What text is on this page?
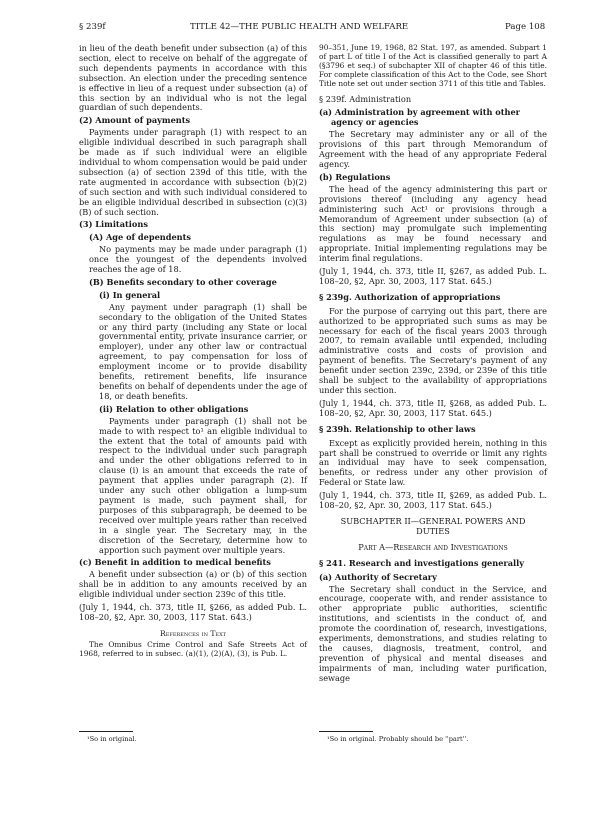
§ 239f	TITLE 42—THE PUBLIC HEALTH AND WELFARE	Page 108

in lieu of the death benefit under subsection (a) of this section, elect to receive on behalf of the aggregate of such dependents payments in accordance with this subsection. An election under the preceding sentence is effective in lieu of a request under subsection (a) of this section by an individual who is not the legal guardian of such dependents.

(2) Amount of payments

Payments under paragraph (1) with respect to an eligible individual described in such paragraph shall be made as if such individual were an eligible individual to whom compensation would be paid under subsection (a) of section 239d of this title, with the rate augmented in accordance with subsection (b)(2) of such section and with such individual considered to be an eligible individual described in subsection (c)(3)(B) of such section.

(3) Limitations

(A) Age of dependents

No payments may be made under paragraph (1) once the youngest of the dependents involved reaches the age of 18.

(B) Benefits secondary to other coverage

(i) In general

Any payment under paragraph (1) shall be secondary to the obligation of the United States or any third party (including any State or local governmental entity, private insurance carrier, or employer), under any other law or contractual agreement, to pay compensation for loss of employment income or to provide disability benefits, retirement benefits, life insurance benefits on behalf of dependents under the age of 18, or death benefits.

(ii) Relation to other obligations

Payments under paragraph (1) shall not be made to with respect to¹ an eligible individual to the extent that the total of amounts paid with respect to the individual under such paragraph and under the other obligations referred to in clause (i) is an amount that exceeds the rate of payment that applies under paragraph (2). If under any such other obligation a lump-sum payment is made, such payment shall, for purposes of this subparagraph, be deemed to be received over multiple years rather than received in a single year. The Secretary may, in the discretion of the Secretary, determine how to apportion such payment over multiple years.

(c) Benefit in addition to medical benefits

A benefit under subsection (a) or (b) of this section shall be in addition to any amounts received by an eligible individual under section 239c of this title.

(July 1, 1944, ch. 373, title II, §266, as added Pub. L. 108–20, §2, Apr. 30, 2003, 117 Stat. 643.)

References in Text

The Omnibus Crime Control and Safe Streets Act of 1968, referred to in subsec. (a)(1), (2)(A), (3), is Pub. L.

90–351, June 19, 1968, 82 Stat. 197, as amended. Subpart 1 of part L of title I of the Act is classified generally to part A (§3796 et seq.) of subchapter XII of chapter 46 of this title. For complete classification of this Act to the Code, see Short Title note set out under section 3711 of this title and Tables.

§ 239f. Administration

(a) Administration by agreement with other agency or agencies

The Secretary may administer any or all of the provisions of this part through Memorandum of Agreement with the head of any appropriate Federal agency.

(b) Regulations

The head of the agency administering this part or provisions thereof (including any agency head administering such Act¹ or provisions through a Memorandum of Agreement under subsection (a) of this section) may promulgate such implementing regulations as may be found necessary and appropriate. Initial implementing regulations may be interim final regulations.

(July 1, 1944, ch. 373, title II, §267, as added Pub. L. 108–20, §2, Apr. 30, 2003, 117 Stat. 645.)

§ 239g. Authorization of appropriations

For the purpose of carrying out this part, there are authorized to be appropriated such sums as may be necessary for each of the fiscal years 2003 through 2007, to remain available until expended, including administrative costs and costs of provision and payment of benefits. The Secretary's payment of any benefit under section 239c, 239d, or 239e of this title shall be subject to the availability of appropriations under this section.

(July 1, 1944, ch. 373, title II, §268, as added Pub. L. 108–20, §2, Apr. 30, 2003, 117 Stat. 645.)

§ 239h. Relationship to other laws

Except as explicitly provided herein, nothing in this part shall be construed to override or limit any rights an individual may have to seek compensation, benefits, or redress under any other provision of Federal or State law.

(July 1, 1944, ch. 373, title II, §269, as added Pub. L. 108–20, §2, Apr. 30, 2003, 117 Stat. 645.)

SUBCHAPTER II—GENERAL POWERS AND DUTIES

Part A—Research and Investigations

§ 241. Research and investigations generally

(a) Authority of Secretary

The Secretary shall conduct in the Service, and encourage, cooperate with, and render assistance to other appropriate public authorities, scientific institutions, and scientists in the conduct of, and promote the coordination of, research, investigations, experiments, demonstrations, and studies relating to the causes, diagnosis, treatment, control, and prevention of physical and mental diseases and impairments of man, including water purification, sewage

¹So in original.	¹So in original. Probably should be ''part''.
